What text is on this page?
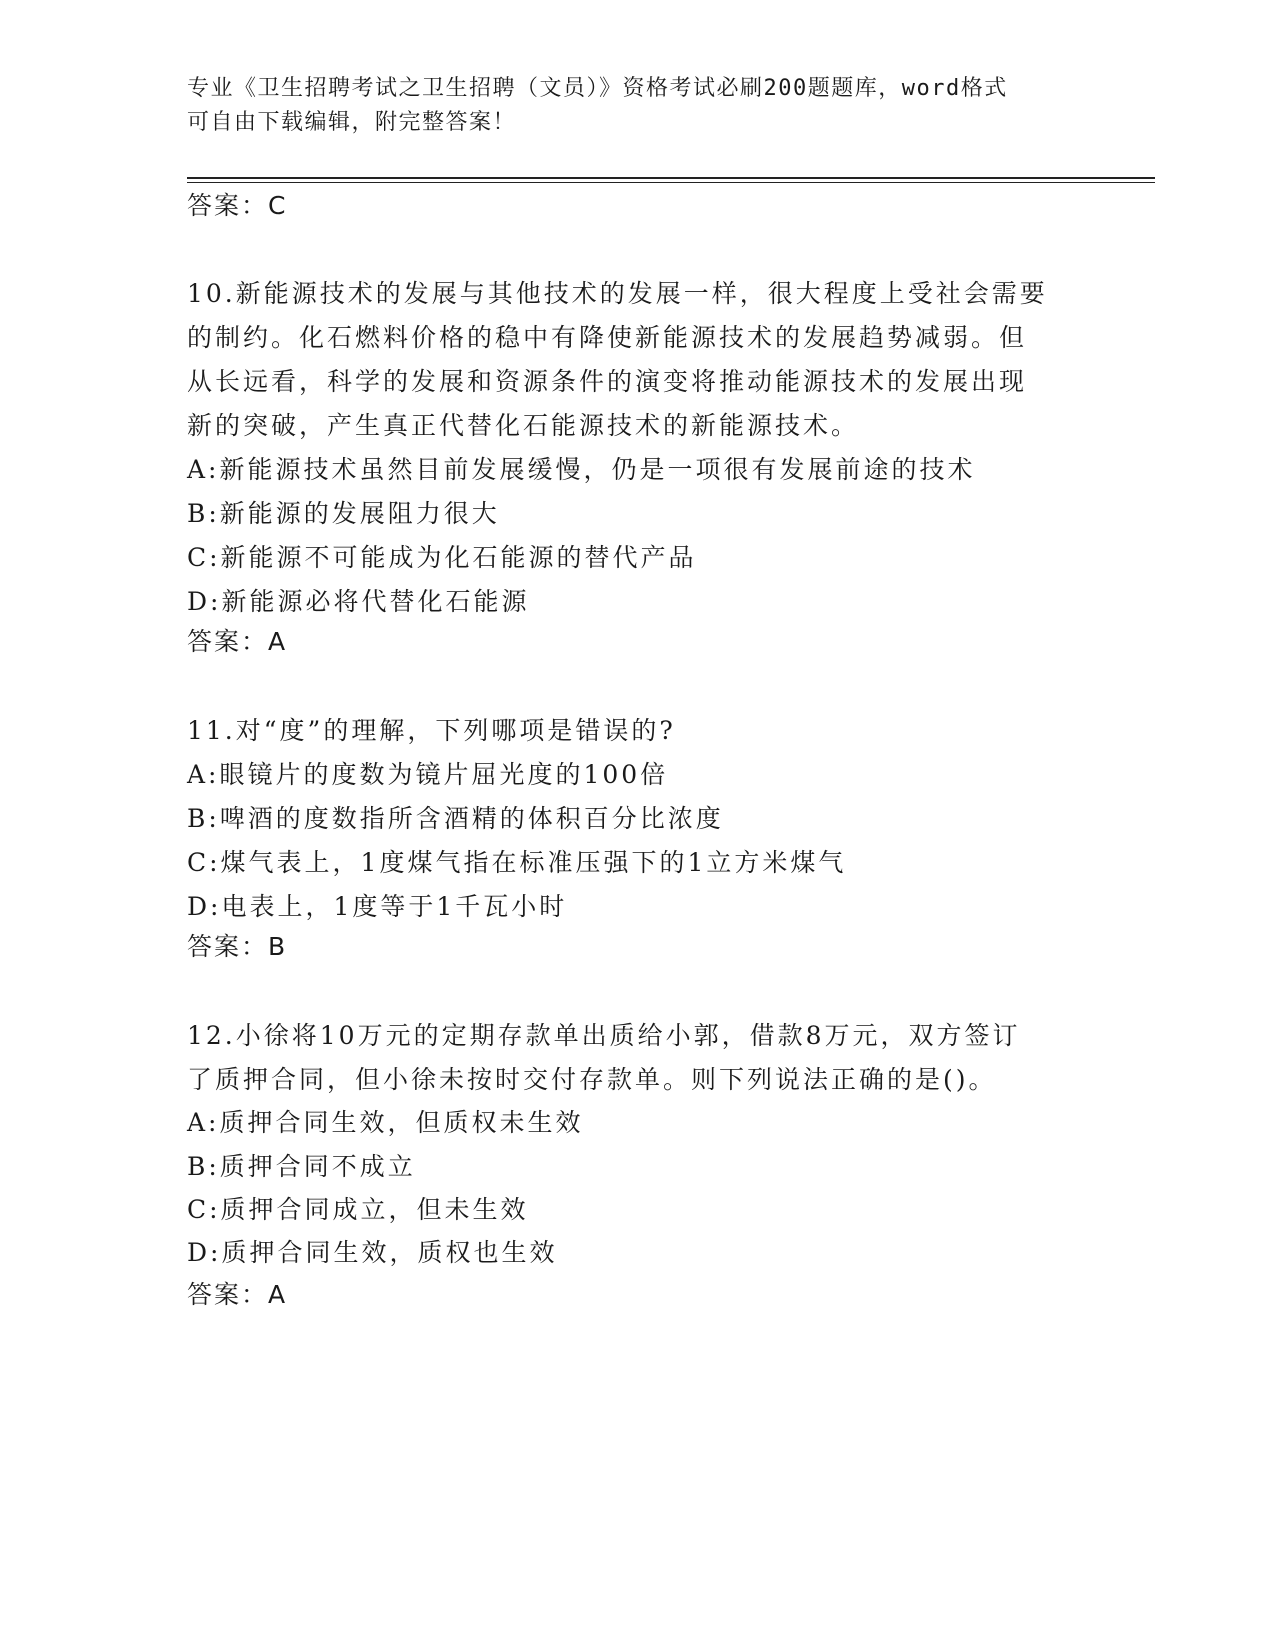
专业《卫生招聘考试之卫生招聘（文员）》资格考试必刷200题题库，word格式
可自由下载编辑，附完整答案！
答案：C
10.新能源技术的发展与其他技术的发展一样，很大程度上受社会需要
的制约。化石燃料价格的稳中有降使新能源技术的发展趋势减弱。但
从长远看，科学的发展和资源条件的演变将推动能源技术的发展出现
新的突破，产生真正代替化石能源技术的新能源技术。
A:新能源技术虽然目前发展缓慢，仍是一项很有发展前途的技术
B:新能源的发展阻力很大
C:新能源不可能成为化石能源的替代产品
D:新能源必将代替化石能源
答案：A
11.对“度”的理解，下列哪项是错误的?
A:眼镜片的度数为镜片屈光度的100倍
B:啤酒的度数指所含酒精的体积百分比浓度
C:煤气表上，1度煤气指在标准压强下的1立方米煤气
D:电表上，1度等于1千瓦小时
答案：B
12.小徐将10万元的定期存款单出质给小郭，借款8万元，双方签订
了质押合同，但小徐未按时交付存款单。则下列说法正确的是()。
A:质押合同生效，但质权未生效
B:质押合同不成立
C:质押合同成立，但未生效
D:质押合同生效，质权也生效
答案：A
